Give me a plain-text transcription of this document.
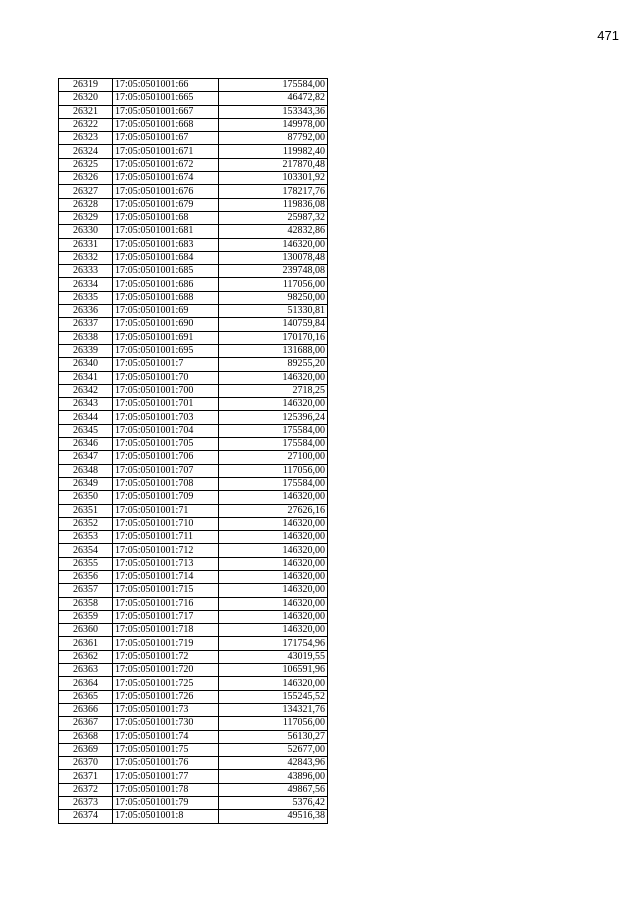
471
26319	17:05:0501001:66	175584,00
26320	17:05:0501001:665	46472,82
26321	17:05:0501001:667	153343,36
26322	17:05:0501001:668	149978,00
26323	17:05:0501001:67	87792,00
26324	17:05:0501001:671	119982,40
26325	17:05:0501001:672	217870,48
26326	17:05:0501001:674	103301,92
26327	17:05:0501001:676	178217,76
26328	17:05:0501001:679	119836,08
26329	17:05:0501001:68	25987,32
26330	17:05:0501001:681	42832,86
26331	17:05:0501001:683	146320,00
26332	17:05:0501001:684	130078,48
26333	17:05:0501001:685	239748,08
26334	17:05:0501001:686	117056,00
26335	17:05:0501001:688	98250,00
26336	17:05:0501001:69	51330,81
26337	17:05:0501001:690	140759,84
26338	17:05:0501001:691	170170,16
26339	17:05:0501001:695	131688,00
26340	17:05:0501001:7	89255,20
26341	17:05:0501001:70	146320,00
26342	17:05:0501001:700	2718,25
26343	17:05:0501001:701	146320,00
26344	17:05:0501001:703	125396,24
26345	17:05:0501001:704	175584,00
26346	17:05:0501001:705	175584,00
26347	17:05:0501001:706	27100,00
26348	17:05:0501001:707	117056,00
26349	17:05:0501001:708	175584,00
26350	17:05:0501001:709	146320,00
26351	17:05:0501001:71	27626,16
26352	17:05:0501001:710	146320,00
26353	17:05:0501001:711	146320,00
26354	17:05:0501001:712	146320,00
26355	17:05:0501001:713	146320,00
26356	17:05:0501001:714	146320,00
26357	17:05:0501001:715	146320,00
26358	17:05:0501001:716	146320,00
26359	17:05:0501001:717	146320,00
26360	17:05:0501001:718	146320,00
26361	17:05:0501001:719	171754,96
26362	17:05:0501001:72	43019,55
26363	17:05:0501001:720	106591,96
26364	17:05:0501001:725	146320,00
26365	17:05:0501001:726	155245,52
26366	17:05:0501001:73	134321,76
26367	17:05:0501001:730	117056,00
26368	17:05:0501001:74	56130,27
26369	17:05:0501001:75	52677,00
26370	17:05:0501001:76	42843,96
26371	17:05:0501001:77	43896,00
26372	17:05:0501001:78	49867,56
26373	17:05:0501001:79	5376,42
26374	17:05:0501001:8	49516,38
